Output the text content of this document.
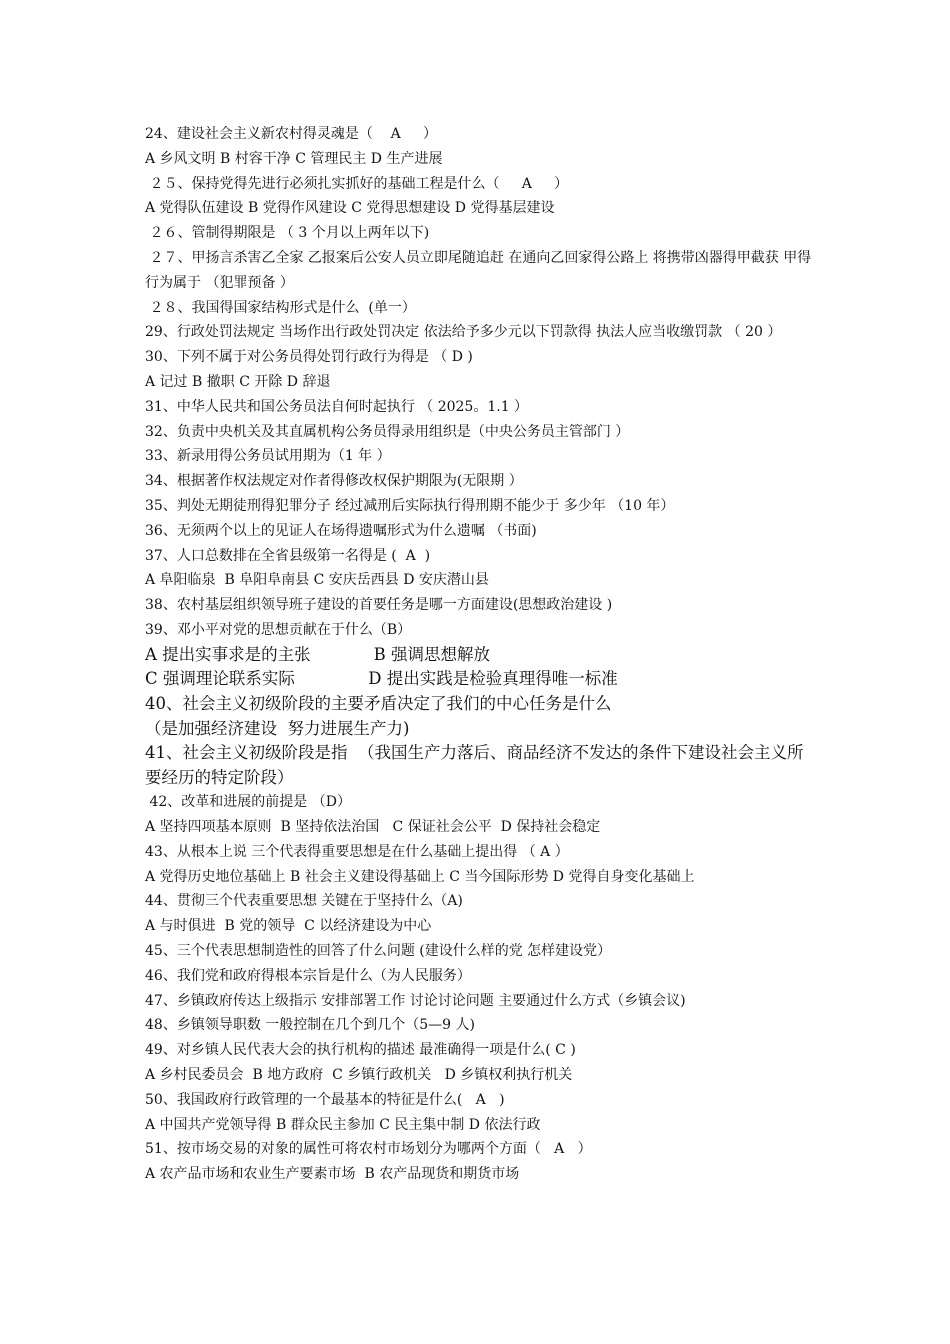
24、建设社会主义新农村得灵魂是（    A     ）

A 乡风文明 B 村容干净 C 管理民主 D 生产进展

２５、保持党得先进行必须扎实抓好的基础工程是什么（     A     ）

A 党得队伍建设 B 党得作风建设 C 党得思想建设 D 党得基层建设

２６、管制得期限是 （ 3 个月以上两年以下)

２７、甲扬言杀害乙全家 乙报案后公安人员立即尾随追赶 在通向乙回家得公路上 将携带凶器得甲截获 甲得行为属于 （犯罪预备 ）

２８、我国得国家结构形式是什么  (单一）

29、行政处罚法规定 当场作出行政处罚决定 依法给予多少元以下罚款得 执法人应当收缴罚款 （ 20 ）

30、下列不属于对公务员得处罚行政行为得是 （ D )

A 记过 B 撤职 C 开除 D 辞退

31、中华人民共和国公务员法自何时起执行 （ 2025。1.1 ）

32、负责中央机关及其直属机构公务员得录用组织是（中央公务员主管部门 ）

33、新录用得公务员试用期为（1 年 ）

34、根据著作权法规定对作者得修改权保护期限为(无限期 ）

35、判处无期徒刑得犯罪分子 经过减刑后实际执行得刑期不能少于 多少年 （10 年）

36、无须两个以上的见证人在场得遗嘱形式为什么遗嘱 （书面)

37、人口总数排在全省县级第一名得是 (  A  )

A 阜阳临泉  B 阜阳阜南县 C 安庆岳西县 D 安庆潜山县

38、农村基层组织领导班子建设的首要任务是哪一方面建设(思想政治建设 )

39、邓小平对党的思想贡献在于什么（B）

A 提出实事求是的主张            B 强调思想解放

C 强调理论联系实际              D 提出实践是检验真理得唯一标准

40、社会主义初级阶段的主要矛盾决定了我们的中心任务是什么

（是加强经济建设  努力进展生产力)

41、社会主义初级阶段是指  （我国生产力落后、商品经济不发达的条件下建设社会主义所要经历的特定阶段）

42、改革和进展的前提是 （D）

A 坚持四项基本原则  B 坚持依法治国   C 保证社会公平  D 保持社会稳定

43、从根本上说 三个代表得重要思想是在什么基础上提出得 （ A ）

A 党得历史地位基础上 B 社会主义建设得基础上 C 当今国际形势 D 党得自身变化基础上

44、贯彻三个代表重要思想 关键在于坚持什么（A)

A 与时俱进  B 党的领导  C 以经济建设为中心

45、三个代表思想制造性的回答了什么问题 (建设什么样的党 怎样建设党）

46、我们党和政府得根本宗旨是什么（为人民服务）

47、乡镇政府传达上级指示 安排部署工作 讨论讨论问题 主要通过什么方式（乡镇会议)

48、乡镇领导职数 一般控制在几个到几个（5—9 人)

49、对乡镇人民代表大会的执行机构的描述 最准确得一项是什么( C )

A 乡村民委员会  B 地方政府  C 乡镇行政机关   D 乡镇权利执行机关

50、我国政府行政管理的一个最基本的特征是什么(   A   )

A 中国共产党领导得 B 群众民主参加 C 民主集中制 D 依法行政

51、按市场交易的对象的属性可将农村市场划分为哪两个方面（   A   ）

A 农产品市场和农业生产要素市场  B 农产品现货和期货市场
